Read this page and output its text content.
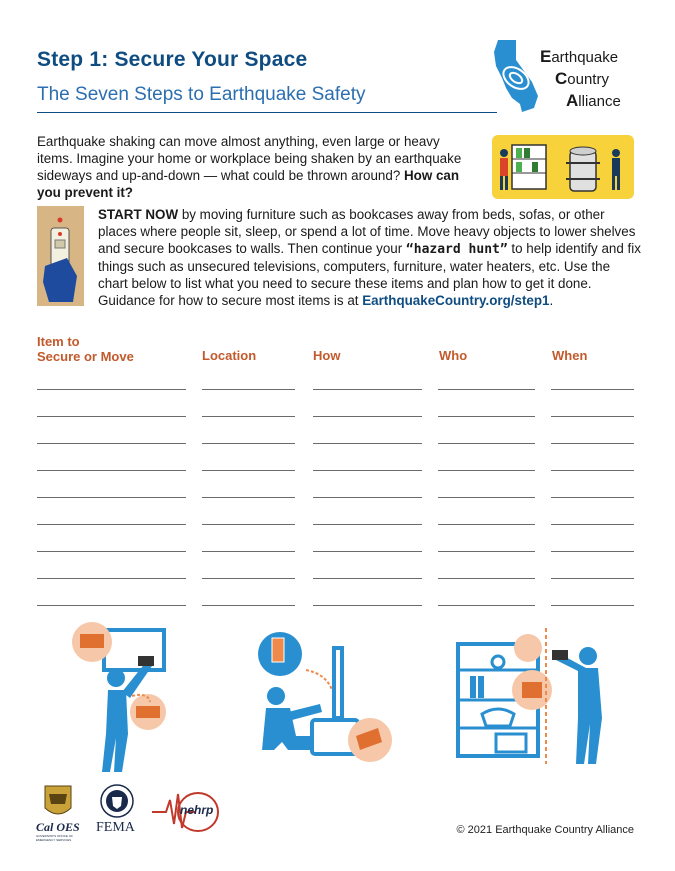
Step 1: Secure Your Space
The Seven Steps to Earthquake Safety
Earthquake
Country
Alliance
Earthquake shaking can move almost anything, even large or heavy items. Imagine your home or workplace being shaken by an earthquake sideways and up-and-down — what could be thrown around? How can you prevent it?
START NOW by moving furniture such as bookcases away from beds, sofas, or other places where people sit, sleep, or spend a lot of time. Move heavy objects to lower shelves and secure bookcases to walls. Then continue your “hazard hunt” to help identify and fix things such as unsecured televisions, computers, furniture, water heaters, etc. Use the chart below to list what you need to secure these items and plan how to get it done. Guidance for how to secure most items is at EarthquakeCountry.org/step1.
Item to
Secure or Move	Location	How	Who	When
Cal OES
GOVERNOR'S OFFICE OF EMERGENCY SERVICES
FEMA
nehrp
© 2021 Earthquake Country Alliance
